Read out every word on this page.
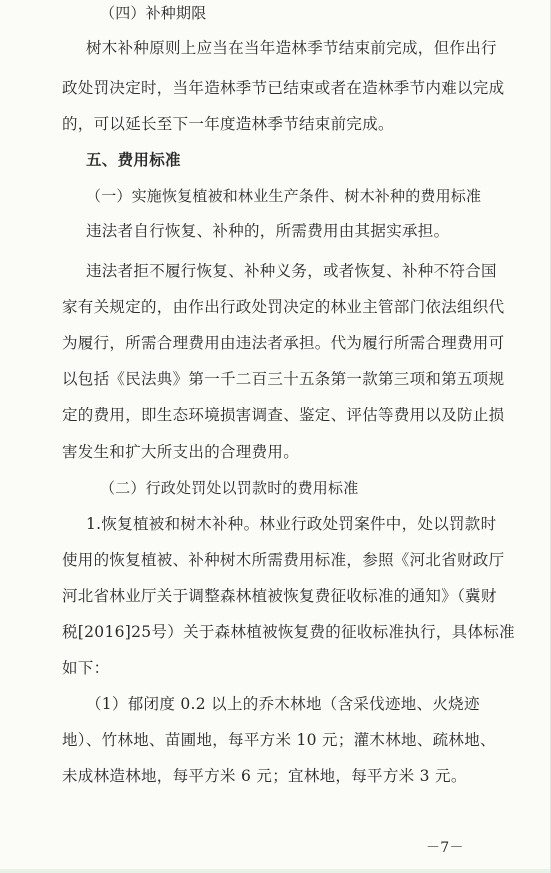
（四）补种期限
树木补种原则上应当在当年造林季节结束前完成，但作出行
政处罚决定时，当年造林季节已结束或者在造林季节内难以完成
的，可以延长至下一年度造林季节结束前完成。
五、费用标准
（一）实施恢复植被和林业生产条件、树木补种的费用标准
违法者自行恢复、补种的，所需费用由其据实承担。
违法者拒不履行恢复、补种义务，或者恢复、补种不符合国
家有关规定的，由作出行政处罚决定的林业主管部门依法组织代
为履行，所需合理费用由违法者承担。代为履行所需合理费用可
以包括《民法典》第一千二百三十五条第一款第三项和第五项规
定的费用，即生态环境损害调查、鉴定、评估等费用以及防止损
害发生和扩大所支出的合理费用。
（二）行政处罚处以罚款时的费用标准
1.恢复植被和树木补种。林业行政处罚案件中，处以罚款时
使用的恢复植被、补种树木所需费用标准，参照《河北省财政厅
河北省林业厅关于调整森林植被恢复费征收标准的通知》（冀财
税[2016]25号）关于森林植被恢复费的征收标准执行，具体标准
如下：
（1）郁闭度 0.2 以上的乔木林地（含采伐迹地、火烧迹
地）、竹林地、苗圃地，每平方米 10 元；灌木林地、疏林地、
未成林造林地，每平方米 6 元；宜林地，每平方米 3 元。
－7－
